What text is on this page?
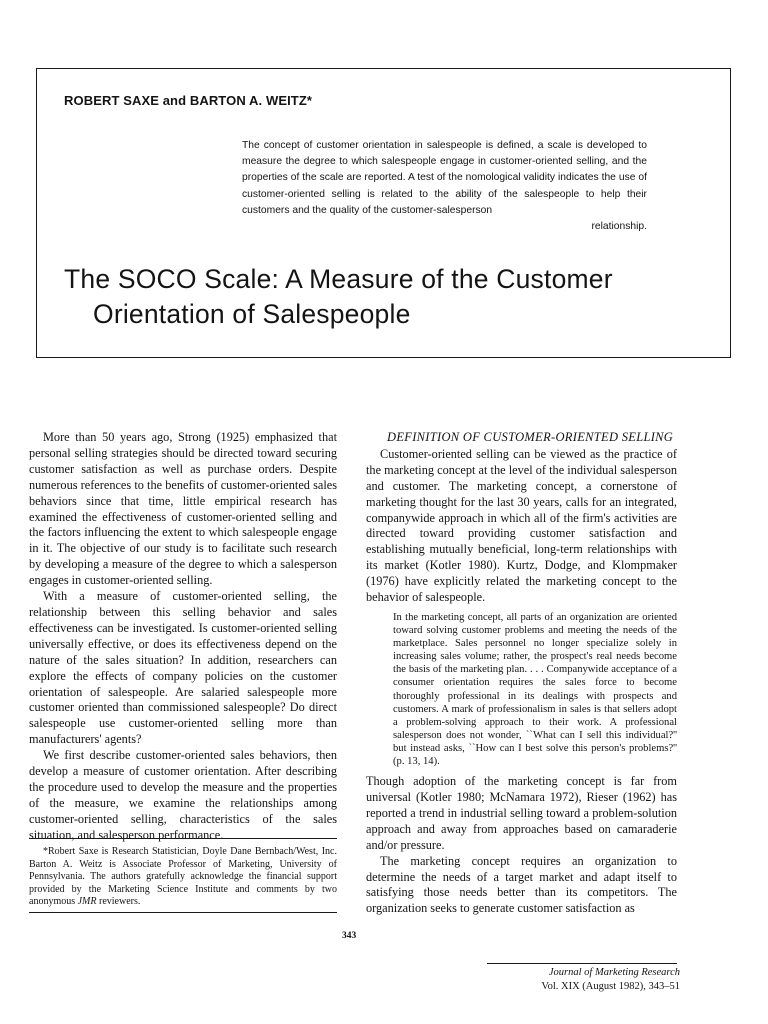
ROBERT SAXE and BARTON A. WEITZ*
The concept of customer orientation in salespeople is defined, a scale is developed to measure the degree to which salespeople engage in customer-oriented selling, and the properties of the scale are reported. A test of the nomological validity indicates the use of customer-oriented selling is related to the ability of the salespeople to help their customers and the quality of the customer-salesperson
relationship.
The SOCO Scale: A Measure of the Customer
Orientation of Salespeople

More than 50 years ago, Strong (1925) emphasized that personal selling strategies should be directed toward securing customer satisfaction as well as purchase orders. Despite numerous references to the benefits of customer-oriented sales behaviors since that time, little empirical research has examined the effectiveness of customer-oriented selling and the factors influencing the extent to which salespeople engage in it. The objective of our study is to facilitate such research by developing a measure of the degree to which a salesperson engages in customer-oriented selling.

With a measure of customer-oriented selling, the relationship between this selling behavior and sales effectiveness can be investigated. Is customer-oriented selling universally effective, or does its effectiveness depend on the nature of the sales situation? In addition, researchers can explore the effects of company policies on the customer orientation of salespeople. Are salaried salespeople more customer oriented than commissioned salespeople? Do direct salespeople use customer-oriented selling more than manufacturers' agents?

We first describe customer-oriented sales behaviors, then develop a measure of customer orientation. After describing the procedure used to develop the measure and the properties of the measure, we examine the relationships among customer-oriented selling, characteristics of the sales situation, and salesperson performance.

*Robert Saxe is Research Statistician, Doyle Dane Bernbach/West, Inc. Barton A. Weitz is Associate Professor of Marketing, University of Pennsylvania. The authors gratefully acknowledge the financial support provided by the Marketing Science Institute and comments by two anonymous JMR reviewers.

DEFINITION OF CUSTOMER-ORIENTED SELLING

Customer-oriented selling can be viewed as the practice of the marketing concept at the level of the individual salesperson and customer. The marketing concept, a cornerstone of marketing thought for the last 30 years, calls for an integrated, companywide approach in which all of the firm's activities are directed toward providing customer satisfaction and establishing mutually beneficial, long-term relationships with its market (Kotler 1980). Kurtz, Dodge, and Klompmaker (1976) have explicitly related the marketing concept to the behavior of salespeople.

In the marketing concept, all parts of an organization are oriented toward solving customer problems and meeting the needs of the marketplace. Sales personnel no longer specialize solely in increasing sales volume; rather, the prospect's real needs become the basis of the marketing plan. . . . Companywide acceptance of a consumer orientation requires the sales force to become thoroughly professional in its dealings with prospects and customers. A mark of professionalism in sales is that sellers adopt a problem-solving approach to their work. A professional salesperson does not wonder, ``What can I sell this individual?'' but instead asks, ``How can I best solve this person's problems?'' (p. 13, 14).

Though adoption of the marketing concept is far from universal (Kotler 1980; McNamara 1972), Rieser (1962) has reported a trend in industrial selling toward a problem-solution approach and away from approaches based on camaraderie and/or pressure.

The marketing concept requires an organization to determine the needs of a target market and adapt itself to satisfying those needs better than its competitors. The organization seeks to generate customer satisfaction as

343
Journal of Marketing Research
Vol. XIX (August 1982), 343–51
